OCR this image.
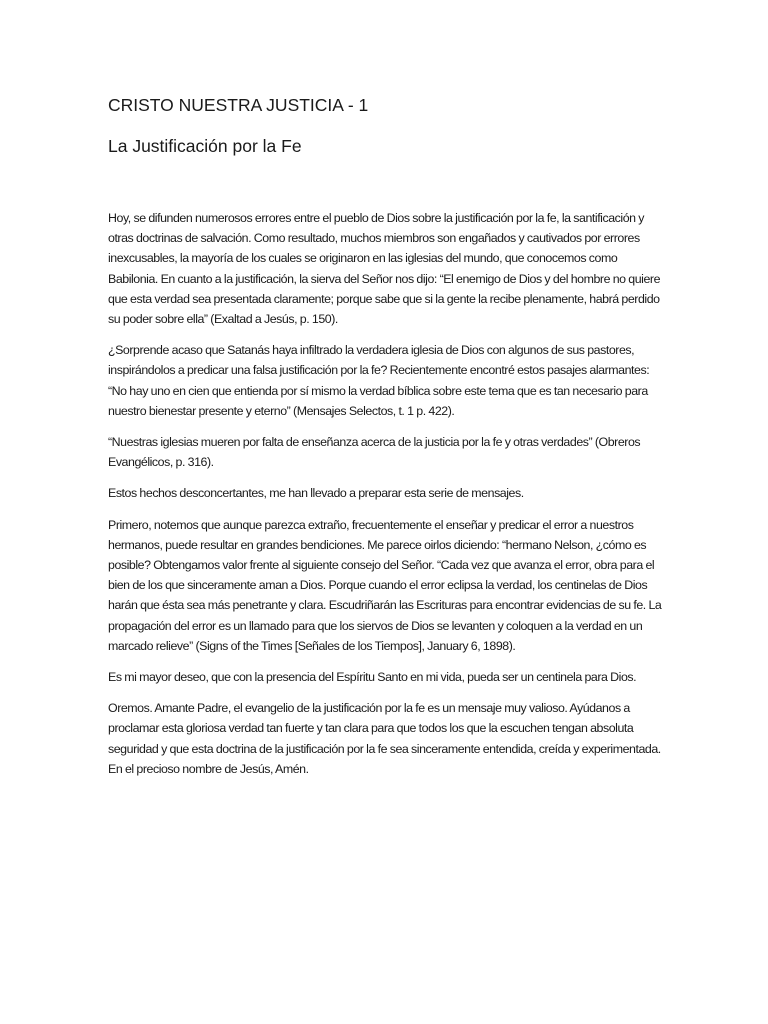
CRISTO NUESTRA JUSTICIA - 1
La Justificación por la Fe

Hoy, se difunden numerosos errores entre el pueblo de Dios sobre la justificación por la fe, la santificación y otras doctrinas de salvación. Como resultado, muchos miembros son engañados y cautivados por errores inexcusables, la mayoría de los cuales se originaron en las iglesias del mundo, que conocemos como Babilonia. En cuanto a la justificación, la sierva del Señor nos dijo: “El enemigo de Dios y del hombre no quiere que esta verdad sea presentada claramente; porque sabe que si la gente la recibe plenamente, habrá perdido su poder sobre ella” (Exaltad a Jesús, p. 150).

¿Sorprende acaso que Satanás haya infiltrado la verdadera iglesia de Dios con algunos de sus pastores, inspirándolos a predicar una falsa justificación por la fe? Recientemente encontré estos pasajes alarmantes: “No hay uno en cien que entienda por sí mismo la verdad bíblica sobre este tema que es tan necesario para nuestro bienestar presente y eterno” (Mensajes Selectos, t. 1 p. 422).

“Nuestras iglesias mueren por falta de enseñanza acerca de la justicia por la fe y otras verdades” (Obreros Evangélicos, p. 316).

Estos hechos desconcertantes, me han llevado a preparar esta serie de mensajes.

Primero, notemos que aunque parezca extraño, frecuentemente el enseñar y predicar el error a nuestros hermanos, puede resultar en grandes bendiciones. Me parece oirlos diciendo: “hermano Nelson, ¿cómo es posible? Obtengamos valor frente al siguiente consejo del Señor. “Cada vez que avanza el error, obra para el bien de los que sinceramente aman a Dios. Porque cuando el error eclipsa la verdad, los centinelas de Dios harán que ésta sea más penetrante y clara. Escudriñarán las Escrituras para encontrar evidencias de su fe. La propagación del error es un llamado para que los siervos de Dios se levanten y coloquen a la verdad en un marcado relieve” (Signs of the Times [Señales de los Tiempos], January 6, 1898).

Es mi mayor deseo, que con la presencia del Espíritu Santo en mi vida, pueda ser un centinela para Dios.

Oremos. Amante Padre, el evangelio de la justificación por la fe es un mensaje muy valioso. Ayúdanos a proclamar esta gloriosa verdad tan fuerte y tan clara para que todos los que la escuchen tengan absoluta seguridad y que esta doctrina de la justificación por la fe sea sinceramente entendida, creída y experimentada. En el precioso nombre de Jesús, Amén.
